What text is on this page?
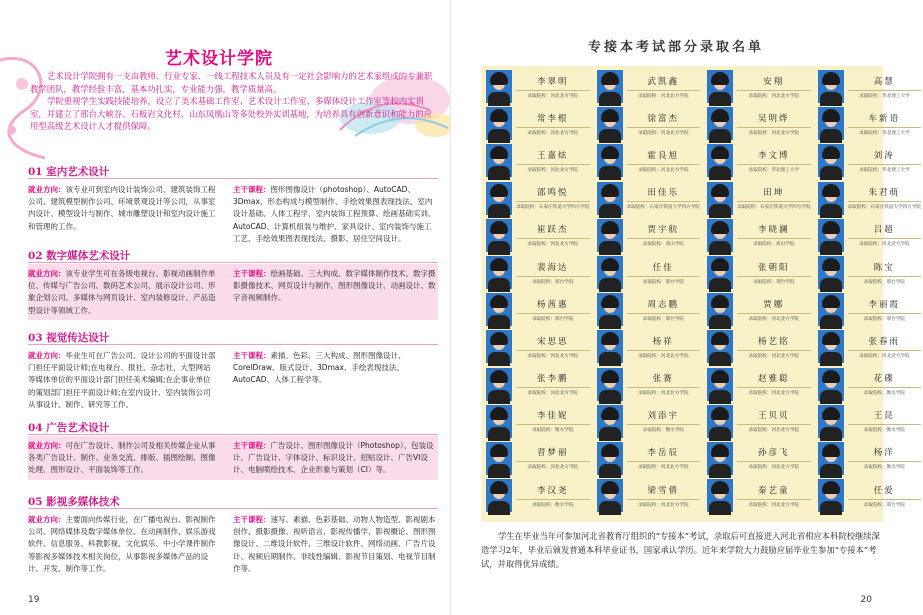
艺术设计学院

艺术设计学院拥有一支由教师、行业专家、一线工程技术人员及有一定社会影响力的艺术家组成的专兼职教学团队，教学经验丰富，基本功扎实，专业能力强，教学质量高。

学院重视学生实践技能培养，设立了美术基础工作室、艺术设计工作室、多媒体设计工作室等校内实训室，并建立了邢台大峡谷、石板岩文化村、山东凤凰山等多处校外实训基地，为培养具有创新意识和能力的应用型高级艺术设计人才提供保障。

01 室内艺术设计
就业方向：该专业可到室内设计装饰公司、建筑装饰工程公司、建筑模型制作公司、环境景观设计等公司，从事室内设计、模型设计与制作、城市雕塑设计和室内设计施工和管理的工作。
主干课程：图形图像设计（photoshop）、AutoCAD、3Dmax、形态构成与模型制作、手绘效果图表现技法、室内设计基础、人体工程学、室内装饰工程预算、绘画基础实训、AutoCAD、计算机组装与维护、家具设计、室内装饰与施工工艺、手绘效果图表现技法、摄影、居住空间设计。
02 数字媒体艺术设计
就业方向：该专业学生可在各级电视台、影视动画制作单位、传媒与广告公司、数码艺术公司、展示设计公司、形象企划公司、多媒体与网页设计、室内装修设计、产品造型设计等领域工作。
主干课程：绘画基础、三大构成、数字媒体制作技术、数字摄影摄像技术、网页设计与制作、图形图像设计、动画设计、数字音视频制作。
03 视觉传达设计
就业方向：毕业生可在广告公司、设计公司的平面设计部门担任平面设计师;在电视台、报社、杂志社、大型网站等媒体单位的平面设计部门担任美术编辑;在企事业单位的策划部门担任平面设计师;在室内设计、室内装饰公司从事设计、制作、研究等工作。
主干课程：素描、色彩、三大构成、图形图像设计、CorelDraw、版式设计、3Dmax、手绘表现技法、AutoCAD、人体工程学等。
04 广告艺术设计
就业方向：可在广告设计、制作公司及相关传媒企业从事各类广告设计、制作、业务交流、排版、插图绘制、图像处理、图形设计、平面装饰等工作。
主干课程：广告设计、图形图像设计（Photoshop）、包装设计、广告设计、字体设计、标识设计、招贴设计、广告VI设计、电脑喷绘技术、企业形象与策划（CI）等。
05 影视多媒体技术
就业方向：主要面向传媒行业，在广播电视台、影视制作公司、网络媒体及数字媒体单位、在动画制作、娱乐游戏软件、信息服务、科教影视、文化娱乐、中小学课件制作等影视多媒体技术相关岗位，从事影视多媒体产品的设计、开发、制作等工作。
主干课程：速写、素描、色彩基础、动物人物造型、影视剧本创作、摄影摄像、视听语言、影视传播学、影视概论、图形图像设计、二维设计软件、三维设计软件、网络动画、广告片设计、视频后期制作、非线性编辑、影视节目策划、电视节目制作等。
19
专接本考试部分录取名单
李翠明
录取院校：河北北方学院
武凯鑫
录取院校：河北北方学院
安翔
录取院校：河北北方学院
高慧
录取院校：华北理工大学
常李根
录取院校：河北北方学院
徐富杰
录取院校：河北北方学院
吴明烨
录取院校：河北北方学院
车新语
录取院校：华北理工大学
王嘉炫
录取院校：河北北方学院
霍良旭
录取院校：河北北方学院
李文博
录取院校：华北理工大学
刘涛
录取院校：华北理工大学
邵鸣悦
录取院校：石家庄铁道大学四方学院
田佳乐
录取院校：石家庄铁道大学四方学院
田坤
录取院校：石家庄铁道大学四方学院
朱君萌
录取院校：石家庄铁道大学四方学院
崔跃杰
录取院校：河北北方学院
贾宇航
录取院校：唐山学院
李晓澜
录取院校：唐山学院
吕超
录取院校：河北北方学院
裴海达
录取院校：邢台学院
任佳
录取院校：邢台学院
张朝阳
录取院校：邢台学院
陈宝
录取院校：邢台学院
杨茜惠
录取院校：邢台学院
周志鹏
录取院校：邢台学院
贾娜
录取院校：河北北方学院
李丽霞
录取院校：邢台学院
宋思思
录取院校：河北北方学院
杨祥
录取院校：河北北方学院
杨艺铭
录取院校：河北北方学院
张春雨
录取院校：河北北方学院
张李鹏
录取院校：河北北方学院
张赛
录取院校：河北北方学院
赵雅聪
录取院校：河北北方学院
花碟
录取院校：衡水学院
李佳妮
录取院校：衡水学院
刘添宇
录取院校：衡水学院
王贝贝
录取院校：河北北方学院
王昆
录取院校：衡水学院
晋梦丽
录取院校：河北北方学院
李岳辰
录取院校：河北北方学院
孙彦飞
录取院校：河北北方学院
杨洋
录取院校：衡水学院
李汉尧
录取院校：衡水学院
梁雪倩
录取院校：河北北方学院
秦艺童
录取院校：河北北方学院
任爱
录取院校：邢台学院

学生在毕业当年可参加河北省教育厅组织的“专接本”考试，录取后可直接进入河北省相应本科院校继续深造学习2年，毕业后颁发普通本科毕业证书，国家承认学历。近年来学院大力鼓励应届毕业生参加“专接本”考试，并取得优异成绩。

20
